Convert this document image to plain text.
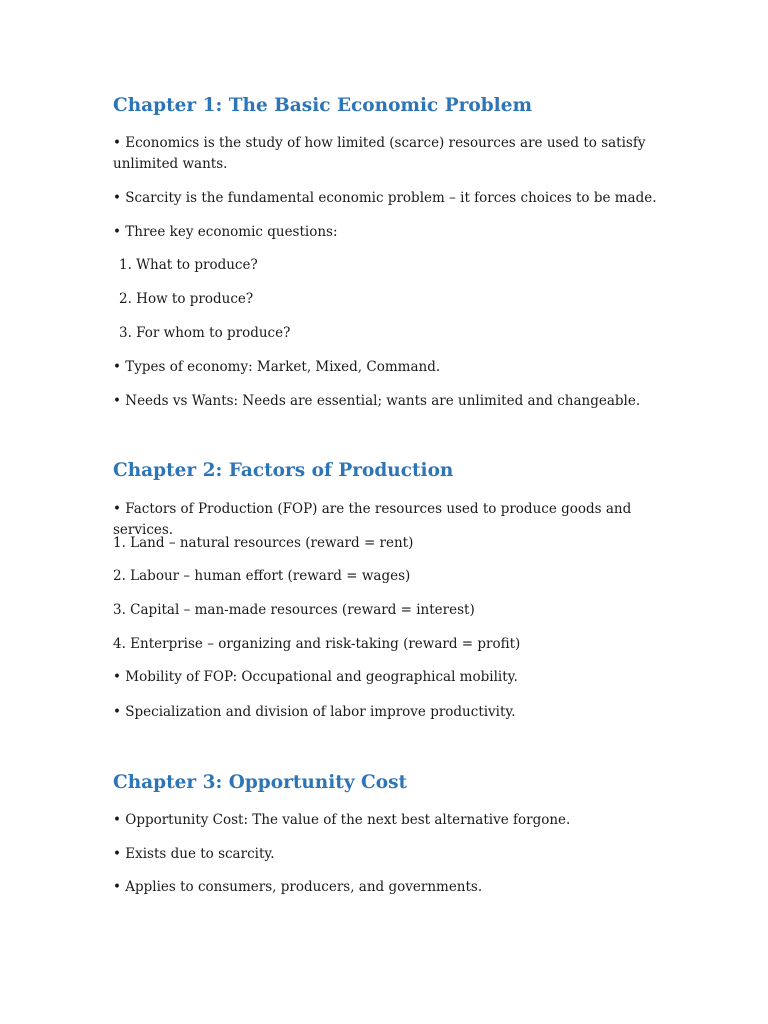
Chapter 1: The Basic Economic Problem

• Economics is the study of how limited (scarce) resources are used to satisfy unlimited wants.

• Scarcity is the fundamental economic problem – it forces choices to be made.

• Three key economic questions:

1. What to produce?

2. How to produce?

3. For whom to produce?

• Types of economy: Market, Mixed, Command.

• Needs vs Wants: Needs are essential; wants are unlimited and changeable.

Chapter 2: Factors of Production

• Factors of Production (FOP) are the resources used to produce goods and services.

1. Land – natural resources (reward = rent)

2. Labour – human effort (reward = wages)

3. Capital – man-made resources (reward = interest)

4. Enterprise – organizing and risk-taking (reward = profit)

• Mobility of FOP: Occupational and geographical mobility.

• Specialization and division of labor improve productivity.

Chapter 3: Opportunity Cost

• Opportunity Cost: The value of the next best alternative forgone.

• Exists due to scarcity.

• Applies to consumers, producers, and governments.
